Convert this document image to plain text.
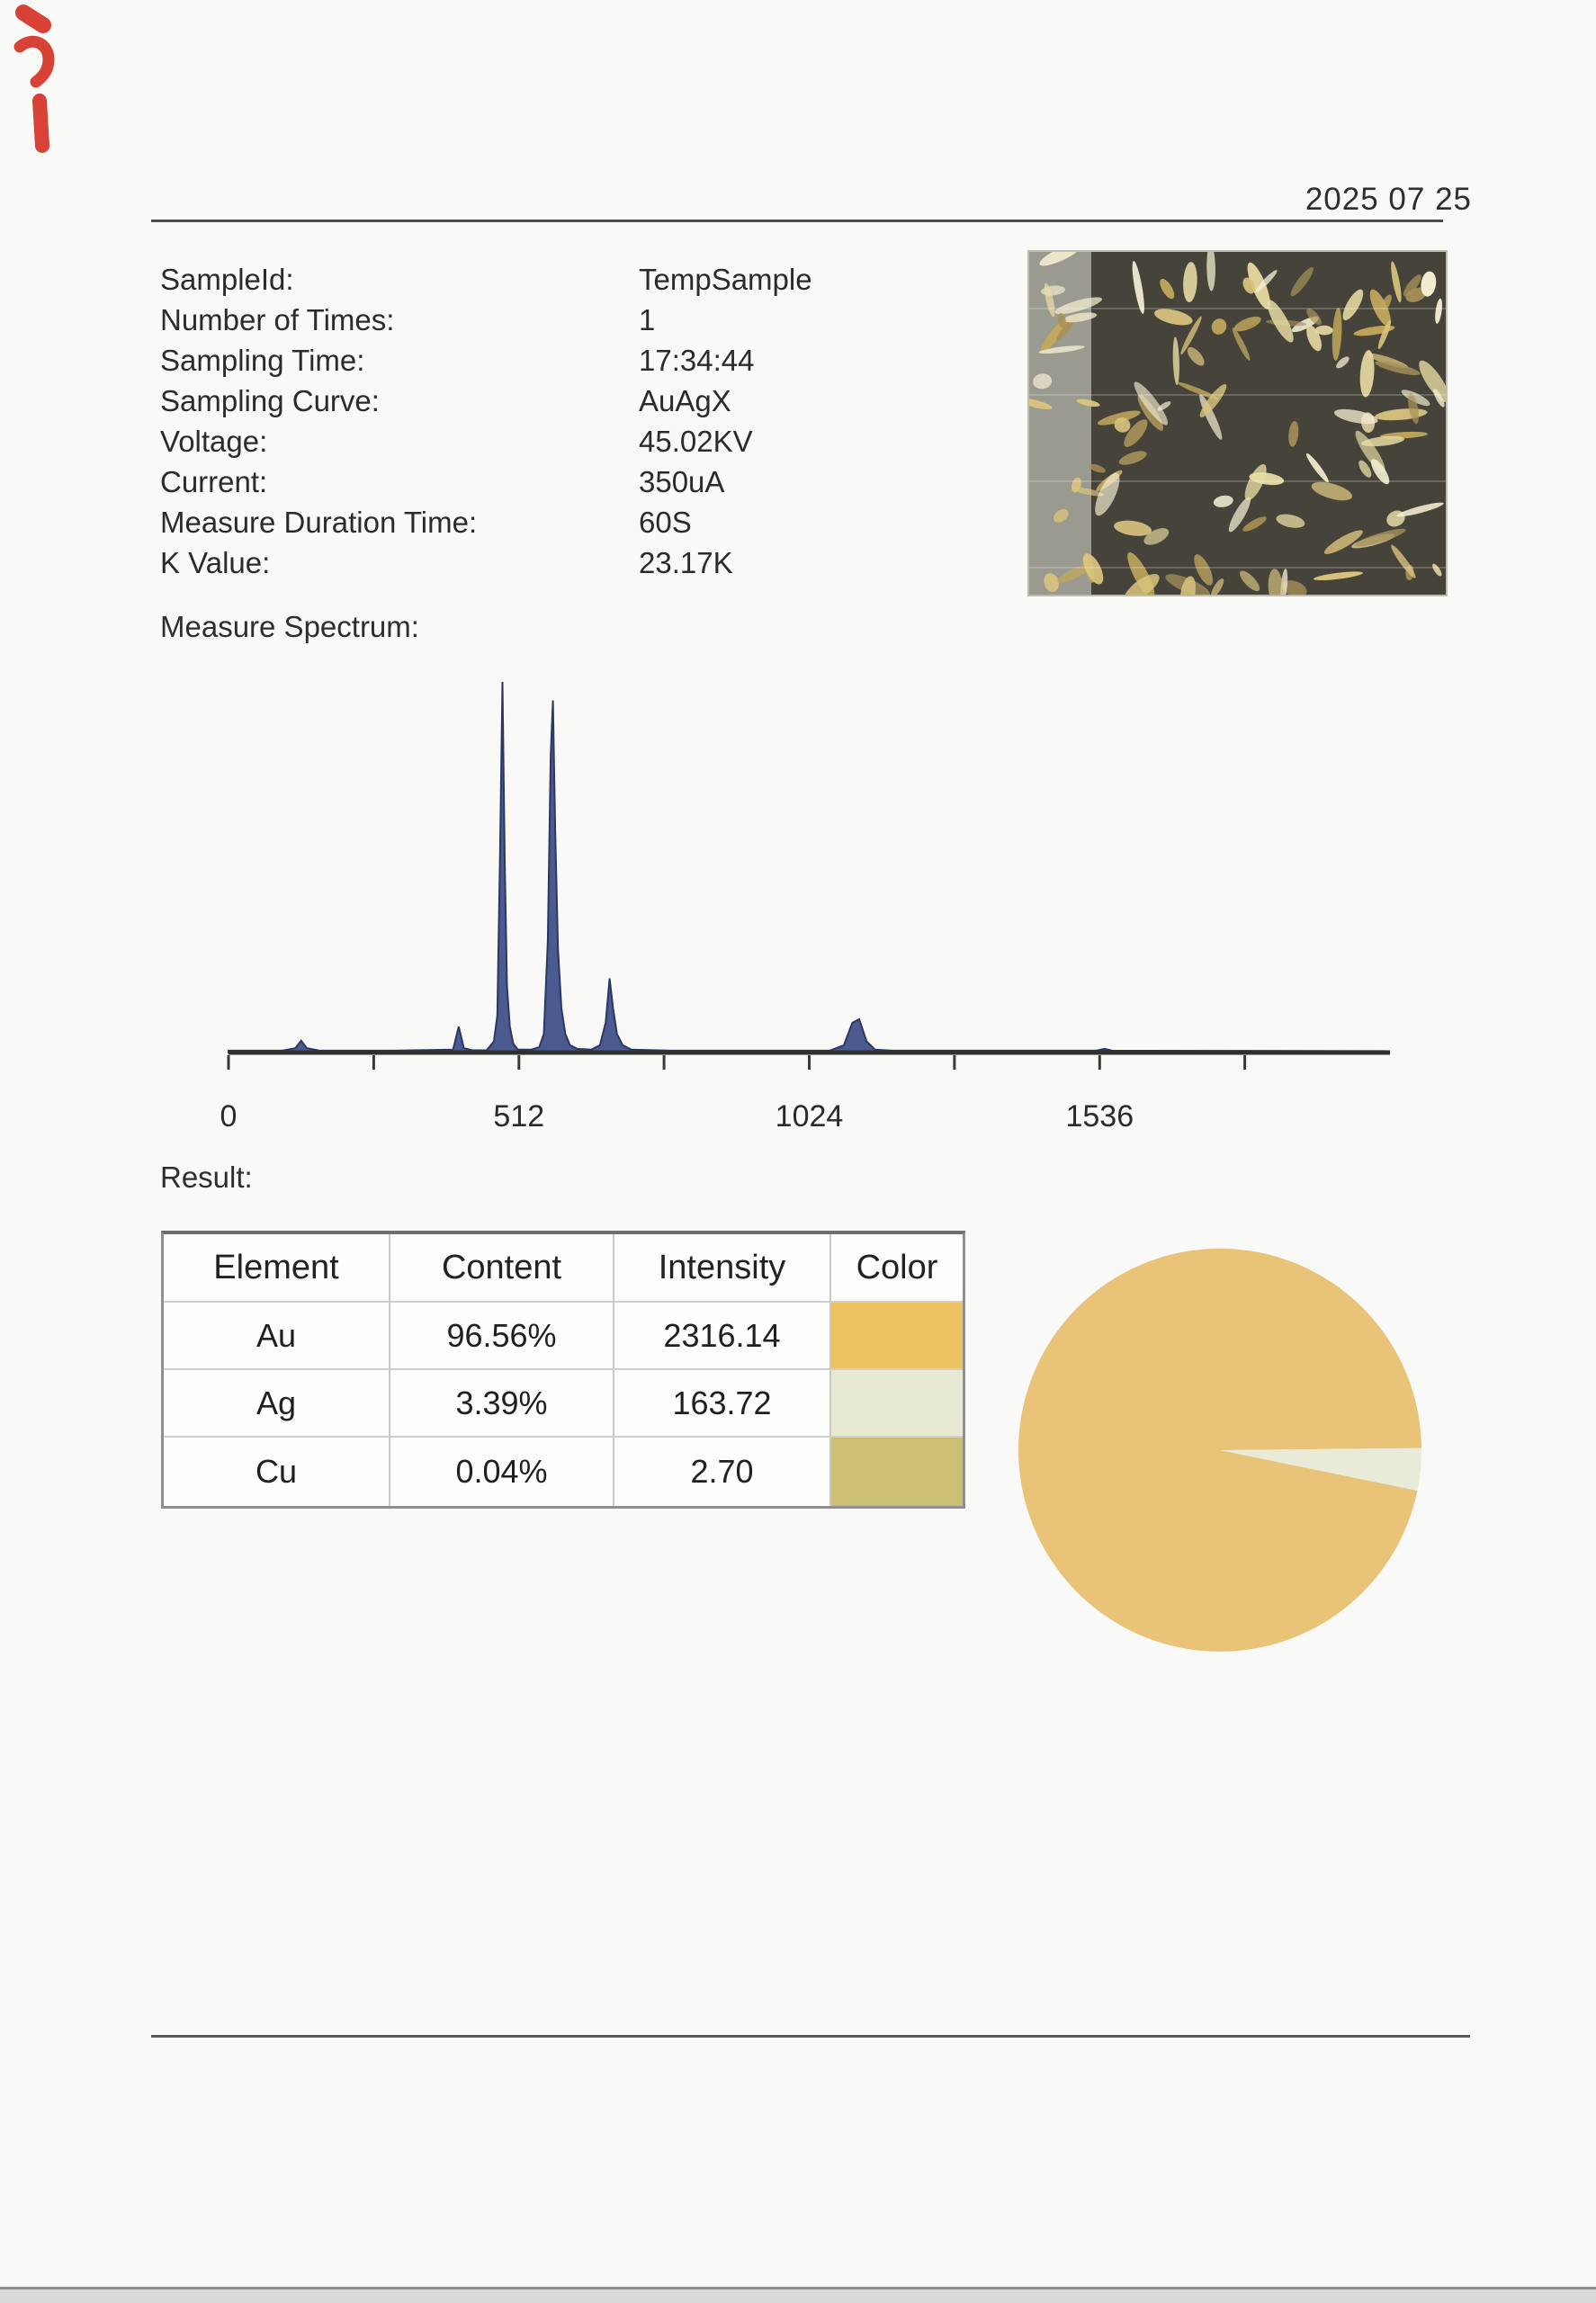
0	512	1024	1536
2025 07 25
SampleId:	TempSample
Number of Times:	1
Sampling Time:	17:34:44
Sampling Curve:	AuAgX
Voltage:	45.02KV
Current:	350uA
Measure Duration Time:	60S
K Value:	23.17K
Measure Spectrum:
Result:
Element	Content	Intensity	Color
Au	96.56%	2316.14
Ag	3.39%	163.72
Cu	0.04%	2.70
